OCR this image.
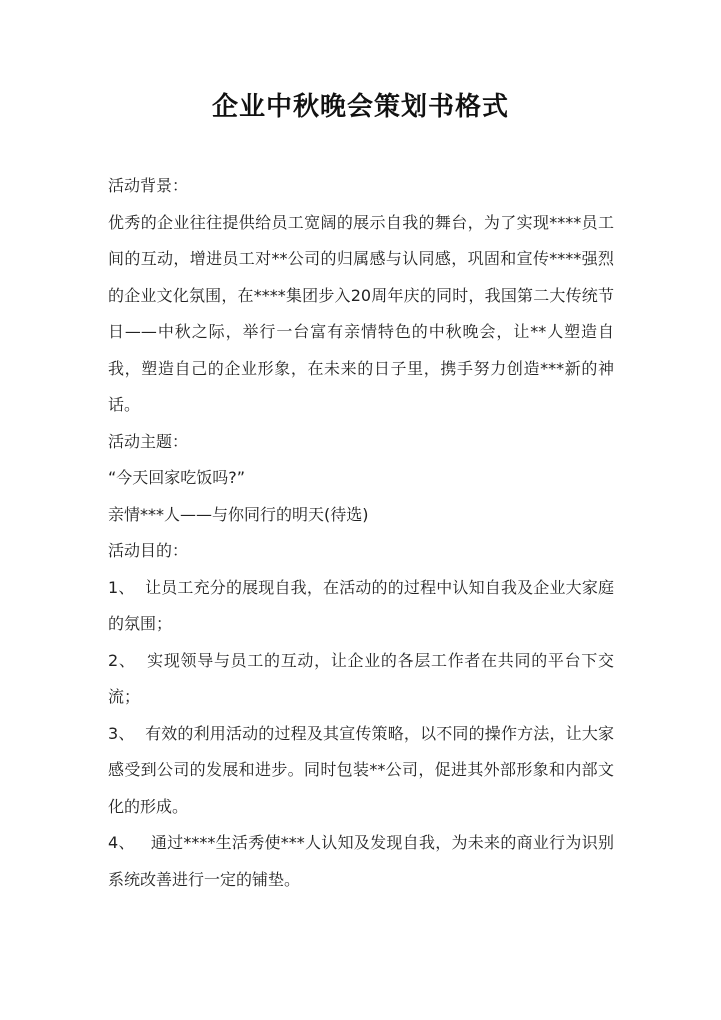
企业中秋晚会策划书格式

活动背景：

优秀的企业往往提供给员工宽阔的展示自我的舞台，为了实现****员工间的互动，增进员工对**公司的归属感与认同感，巩固和宣传****强烈的企业文化氛围，在****集团步入20周年庆的同时，我国第二大传统节日——中秋之际，举行一台富有亲情特色的中秋晚会，让**人塑造自我，塑造自己的企业形象，在未来的日子里，携手努力创造***新的神话。

活动主题：

“今天回家吃饭吗?”

亲情***人——与你同行的明天(待选)

活动目的：

1、 让员工充分的展现自我，在活动的的过程中认知自我及企业大家庭的氛围；

2、 实现领导与员工的互动，让企业的各层工作者在共同的平台下交流；

3、 有效的利用活动的过程及其宣传策略，以不同的操作方法，让大家感受到公司的发展和进步。同时包装**公司，促进其外部形象和内部文化的形成。

4、 通过****生活秀使***人认知及发现自我，为未来的商业行为识别系统改善进行一定的铺垫。
